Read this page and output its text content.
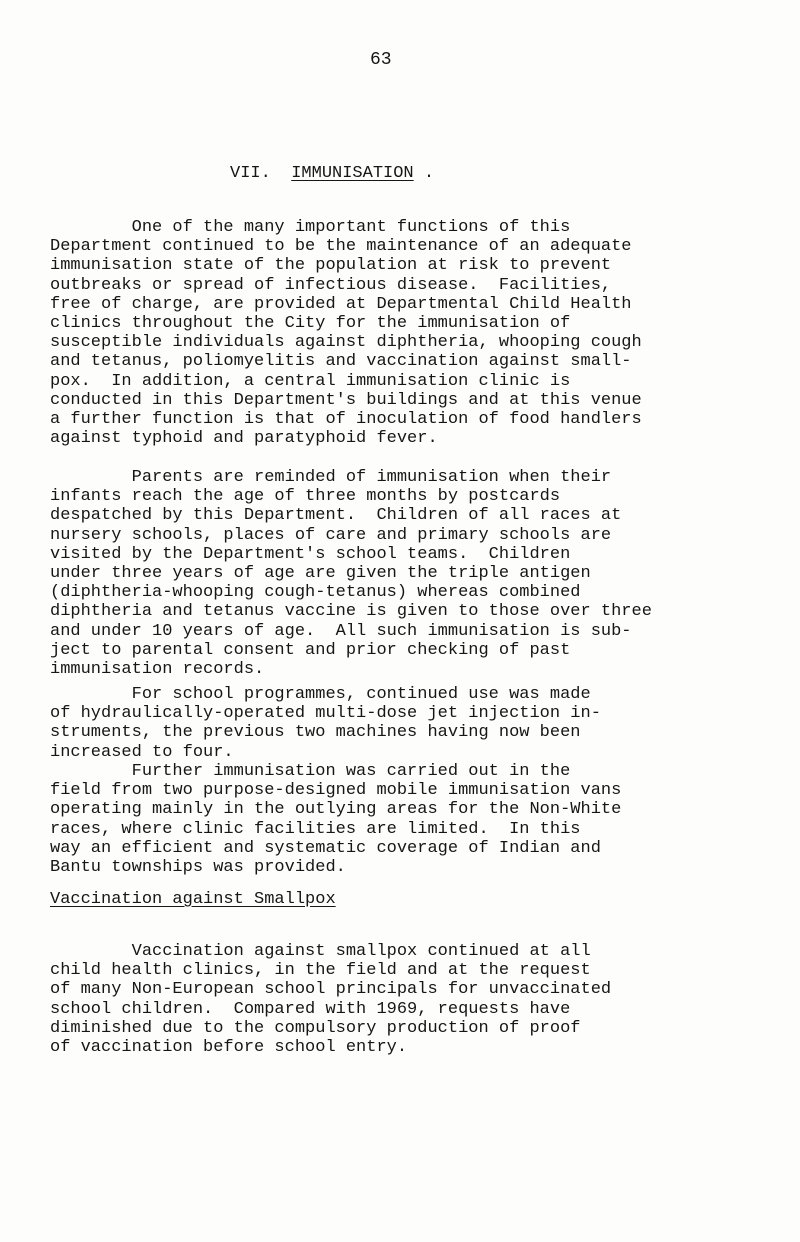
63
VII. IMMUNISATION .
One of the many important functions of this
Department continued to be the maintenance of an adequate
immunisation state of the population at risk to prevent
outbreaks or spread of infectious disease.  Facilities,
free of charge, are provided at Departmental Child Health
clinics throughout the City for the immunisation of
susceptible individuals against diphtheria, whooping cough
and tetanus, poliomyelitis and vaccination against small-
pox.  In addition, a central immunisation clinic is
conducted in this Department's buildings and at this venue
a further function is that of inoculation of food handlers
against typhoid and paratyphoid fever.
Parents are reminded of immunisation when their
infants reach the age of three months by postcards
despatched by this Department.  Children of all races at
nursery schools, places of care and primary schools are
visited by the Department's school teams.  Children
under three years of age are given the triple antigen
(diphtheria-whooping cough-tetanus) whereas combined
diphtheria and tetanus vaccine is given to those over three
and under 10 years of age.  All such immunisation is sub-
ject to parental consent and prior checking of past
immunisation records.
For school programmes, continued use was made
of hydraulically-operated multi-dose jet injection in-
struments, the previous two machines having now been
increased to four.
Further immunisation was carried out in the
field from two purpose-designed mobile immunisation vans
operating mainly in the outlying areas for the Non-White
races, where clinic facilities are limited.  In this
way an efficient and systematic coverage of Indian and
Bantu townships was provided.
Vaccination against Smallpox
Vaccination against smallpox continued at all
child health clinics, in the field and at the request
of many Non-European school principals for unvaccinated
school children.  Compared with 1969, requests have
diminished due to the compulsory production of proof
of vaccination before school entry.
